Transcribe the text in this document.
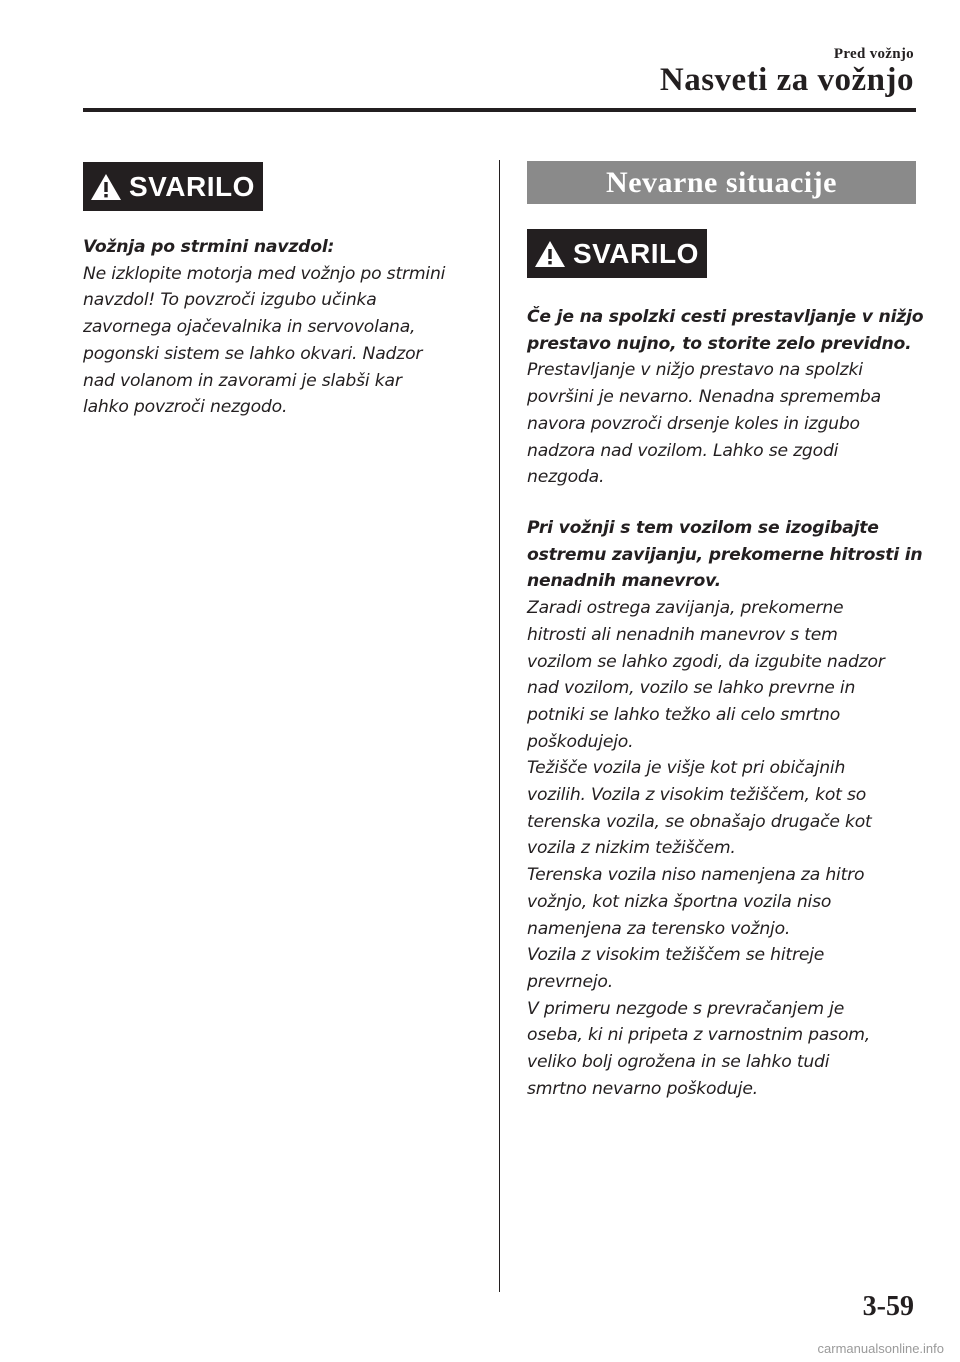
Pred vožnjo
Nasveti za vožnjo
SVARILO

Vožnja po strmini navzdol:

Ne izklopite motorja med vožnjo po strmini

navzdol! To povzroči izgubo učinka

zavornega ojačevalnika in servovolana,

pogonski sistem se lahko okvari. Nadzor

nad volanom in zavorami je slabši kar

lahko povzroči nezgodo.

Nevarne situacije
SVARILO

Če je na spolzki cesti prestavljanje v nižjo

prestavo nujno, to storite zelo previdno.

Prestavljanje v nižjo prestavo na spolzki

površini je nevarno. Nenadna sprememba

navora povzroči drsenje koles in izgubo

nadzora nad vozilom. Lahko se zgodi

nezgoda.

Pri vožnji s tem vozilom se izogibajte

ostremu zavijanju, prekomerne hitrosti in

nenadnih manevrov.

Zaradi ostrega zavijanja, prekomerne

hitrosti ali nenadnih manevrov s tem

vozilom se lahko zgodi, da izgubite nadzor

nad vozilom, vozilo se lahko prevrne in

potniki se lahko težko ali celo smrtno

poškodujejo.

Težišče vozila je višje kot pri običajnih

vozilih. Vozila z visokim težiščem, kot so

terenska vozila, se obnašajo drugače kot

vozila z nizkim težiščem.

Terenska vozila niso namenjena za hitro

vožnjo, kot nizka športna vozila niso

namenjena za terensko vožnjo.

Vozila z visokim težiščem se hitreje

prevrnejo.

V primeru nezgode s prevračanjem je

oseba, ki ni pripeta z varnostnim pasom,

veliko bolj ogrožena in se lahko tudi

smrtno nevarno poškoduje.

3-59
carmanualsonline.info
